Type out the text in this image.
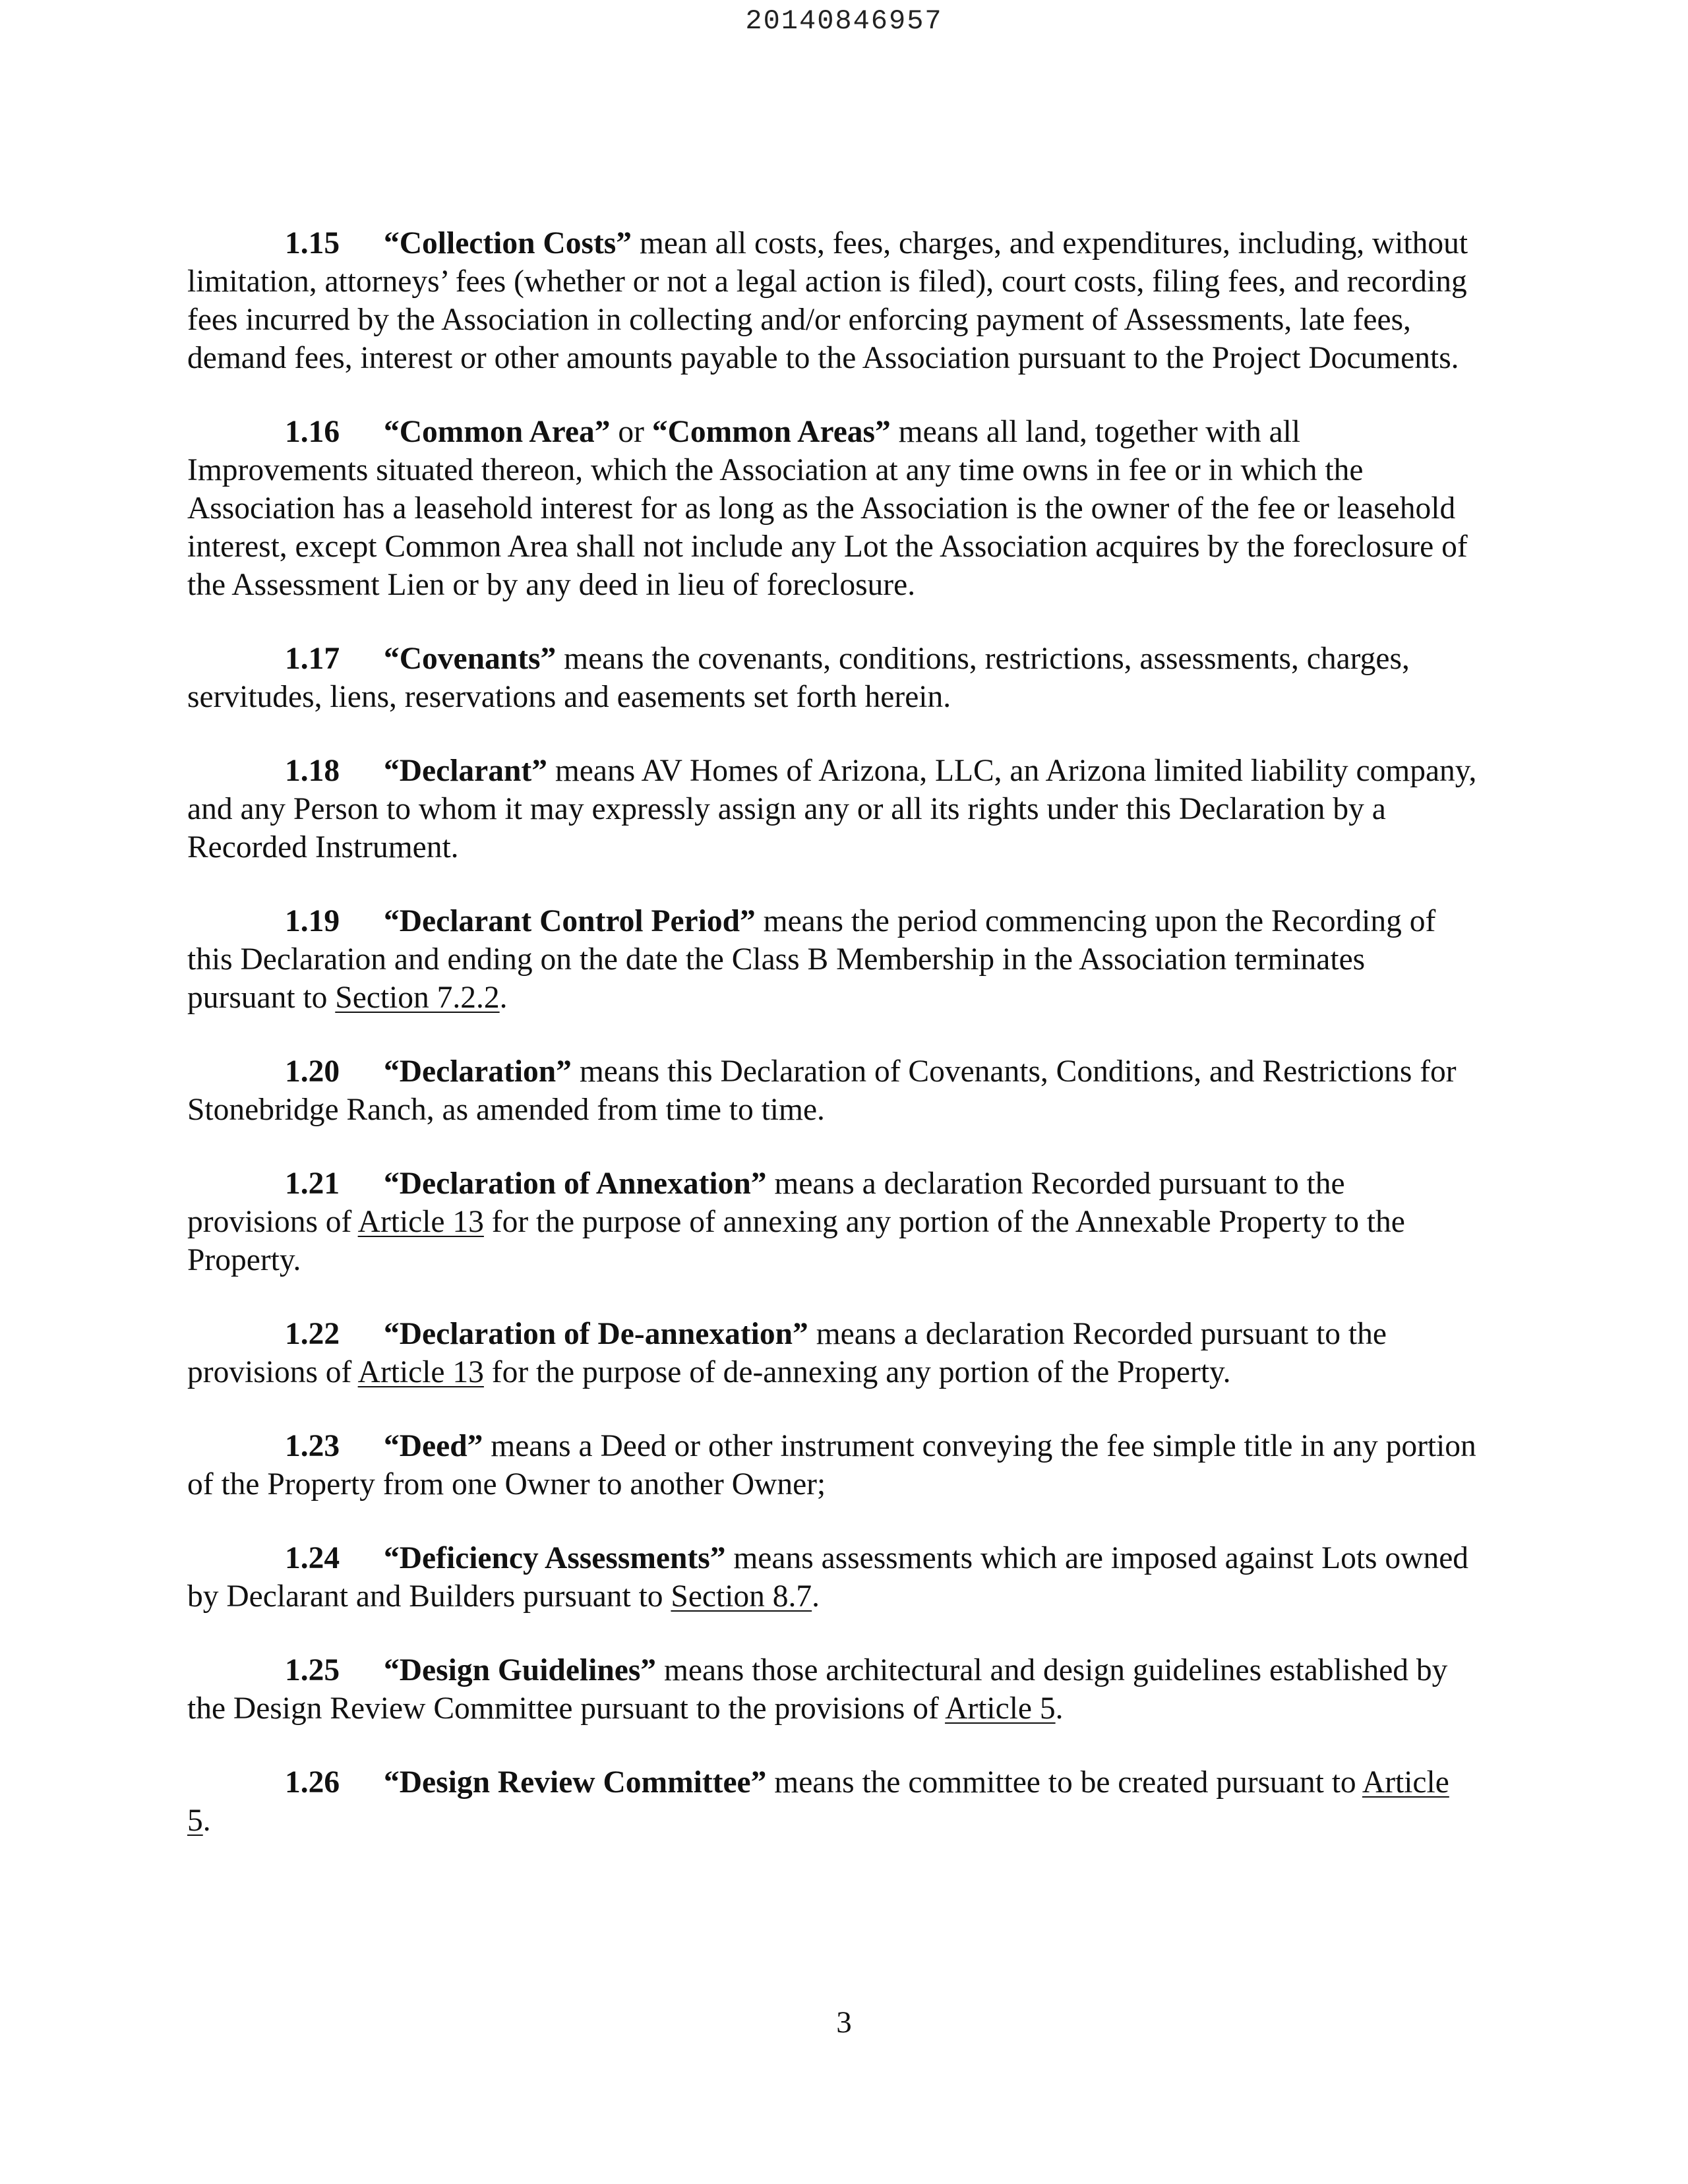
20140846957

1.15 “Collection Costs” mean all costs, fees, charges, and expenditures, including, without limitation, attorneys’ fees (whether or not a legal action is filed), court costs, filing fees, and recording fees incurred by the Association in collecting and/or enforcing payment of Assessments, late fees, demand fees, interest or other amounts payable to the Association pursuant to the Project Documents.

1.16 “Common Area” or “Common Areas” means all land, together with all Improvements situated thereon, which the Association at any time owns in fee or in which the Association has a leasehold interest for as long as the Association is the owner of the fee or leasehold interest, except Common Area shall not include any Lot the Association acquires by the foreclosure of the Assessment Lien or by any deed in lieu of foreclosure.

1.17 “Covenants” means the covenants, conditions, restrictions, assessments, charges, servitudes, liens, reservations and easements set forth herein.

1.18 “Declarant” means AV Homes of Arizona, LLC, an Arizona limited liability company, and any Person to whom it may expressly assign any or all its rights under this Declaration by a Recorded Instrument.

1.19 “Declarant Control Period” means the period commencing upon the Recording of this Declaration and ending on the date the Class B Membership in the Association terminates pursuant to Section 7.2.2.

1.20 “Declaration” means this Declaration of Covenants, Conditions, and Restrictions for Stonebridge Ranch, as amended from time to time.

1.21 “Declaration of Annexation” means a declaration Recorded pursuant to the provisions of Article 13 for the purpose of annexing any portion of the Annexable Property to the Property.

1.22 “Declaration of De-annexation” means a declaration Recorded pursuant to the provisions of Article 13 for the purpose of de-annexing any portion of the Property.

1.23 “Deed” means a Deed or other instrument conveying the fee simple title in any portion of the Property from one Owner to another Owner;

1.24 “Deficiency Assessments” means assessments which are imposed against Lots owned by Declarant and Builders pursuant to Section 8.7.

1.25 “Design Guidelines” means those architectural and design guidelines established by the Design Review Committee pursuant to the provisions of Article 5.

1.26 “Design Review Committee” means the committee to be created pursuant to Article 5.

3
